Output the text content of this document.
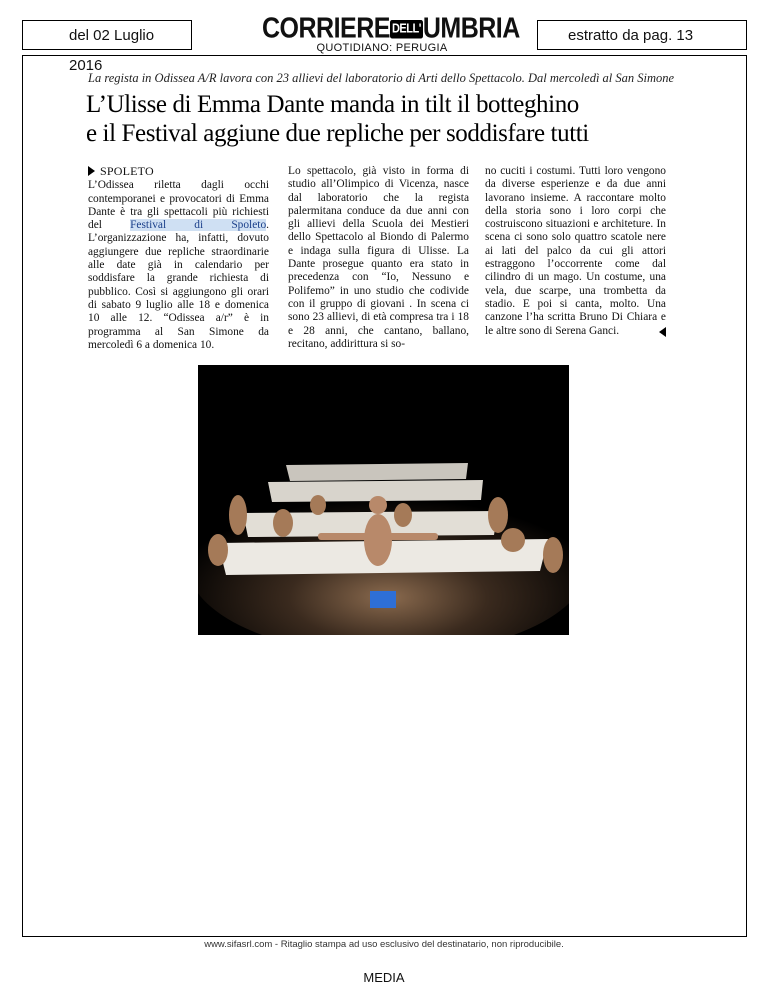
del 02 Luglio 2016
CORRIERE DELL'UMBRIA
QUOTIDIANO: PERUGIA
estratto da pag. 13
La regista in Odissea A/R lavora con 23 allievi del laboratorio di Arti dello Spettacolo. Dal mercoledì al San Simone
L’Ulisse di Emma Dante manda in tilt il botteghino
e il Festival aggiune due repliche per soddisfare tutti
SPOLETO
L’Odissea riletta dagli occhi contemporanei e provocatori di Emma Dante è tra gli spettacoli più richiesti del Festival di Spoleto. L’organizzazione ha, infatti, dovuto aggiungere due repliche straordinarie alle date già in calendario per soddisfare la grande richiesta di pubblico. Così si aggiungono gli orari di sabato 9 luglio alle 18 e domenica 10 alle 12. “Odissea a/r” è in programma al San Simone da mercoledì 6 a domenica 10.
Lo spettacolo, già visto in forma di studio all’Olimpico di Vicenza, nasce dal laboratorio che la regista palermitana conduce da due anni con gli allievi della Scuola dei Mestieri dello Spettacolo al Biondo di Palermo e indaga sulla figura di Ulisse. La Dante prosegue quanto era stato in precedenza con “Io, Nessuno e Polifemo” in uno studio che codivide con il gruppo di giovani . In scena ci sono 23 allievi, di età compresa tra i 18 e 28 anni, che cantano, ballano, recitano, addirittura si so-
no cuciti i costumi. Tutti loro vengono da diverse esperienze e da due anni lavorano insieme. A raccontare molto della storia sono i loro corpi che costruiscono situazioni e architeture. In scena ci sono solo quattro scatole nere ai lati del palco da cui gli attori estraggono l’occorrente come dal cilindro di un mago. Un costume, una vela, due scarpe, una trombetta da stadio. E poi si canta, molto. Una canzone l’ha scritta Bruno Di Chiara e le altre sono di Serena Ganci.
www.sifasrl.com - Ritaglio stampa ad uso esclusivo del destinatario, non riproducibile.
MEDIA
